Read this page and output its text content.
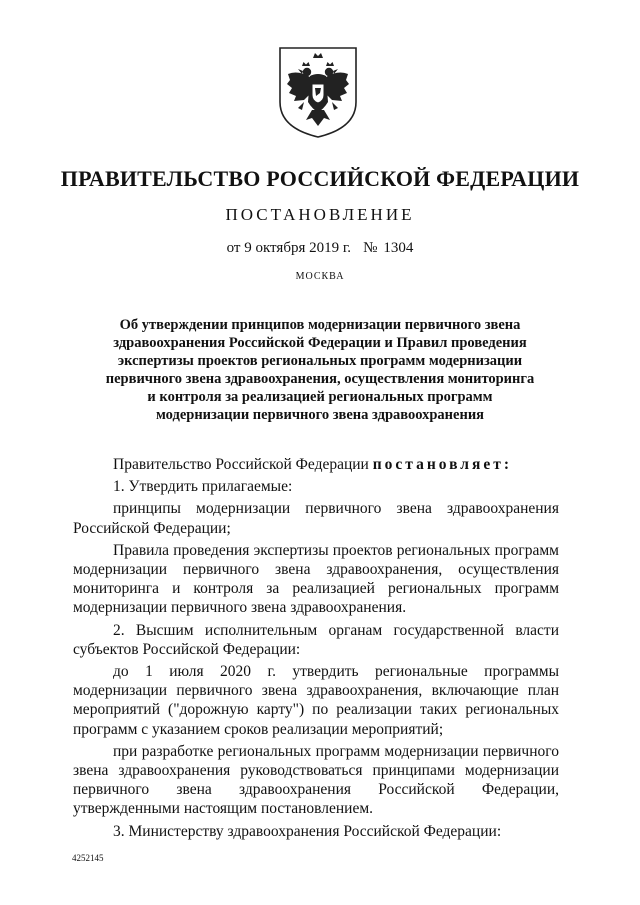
ПРАВИТЕЛЬСТВО РОССИЙСКОЙ ФЕДЕРАЦИИ
ПОСТАНОВЛЕНИЕ
от 9 октября 2019 г. № 1304
МОСКВА
Об утверждении принципов модернизации первичного звена
здравоохранения Российской Федерации и Правил проведения
экспертизы проектов региональных программ модернизации
первичного звена здравоохранения, осуществления мониторинга
и контроля за реализацией региональных программ
модернизации первичного звена здравоохранения

Правительство Российской Федерации постановляет:

1. Утвердить прилагаемые:

принципы модернизации первичного звена здравоохранения Российской Федерации;

Правила проведения экспертизы проектов региональных программ модернизации первичного звена здравоохранения, осуществления мониторинга и контроля за реализацией региональных программ модернизации первичного звена здравоохранения.

2. Высшим исполнительным органам государственной власти субъектов Российской Федерации:

до 1 июля 2020 г. утвердить региональные программы модернизации первичного звена здравоохранения, включающие план мероприятий ("дорожную карту") по реализации таких региональных программ с указанием сроков реализации мероприятий;

при разработке региональных программ модернизации первичного звена здравоохранения руководствоваться принципами модернизации первичного звена здравоохранения Российской Федерации, утвержденными настоящим постановлением.

3. Министерству здравоохранения Российской Федерации:

4252145
